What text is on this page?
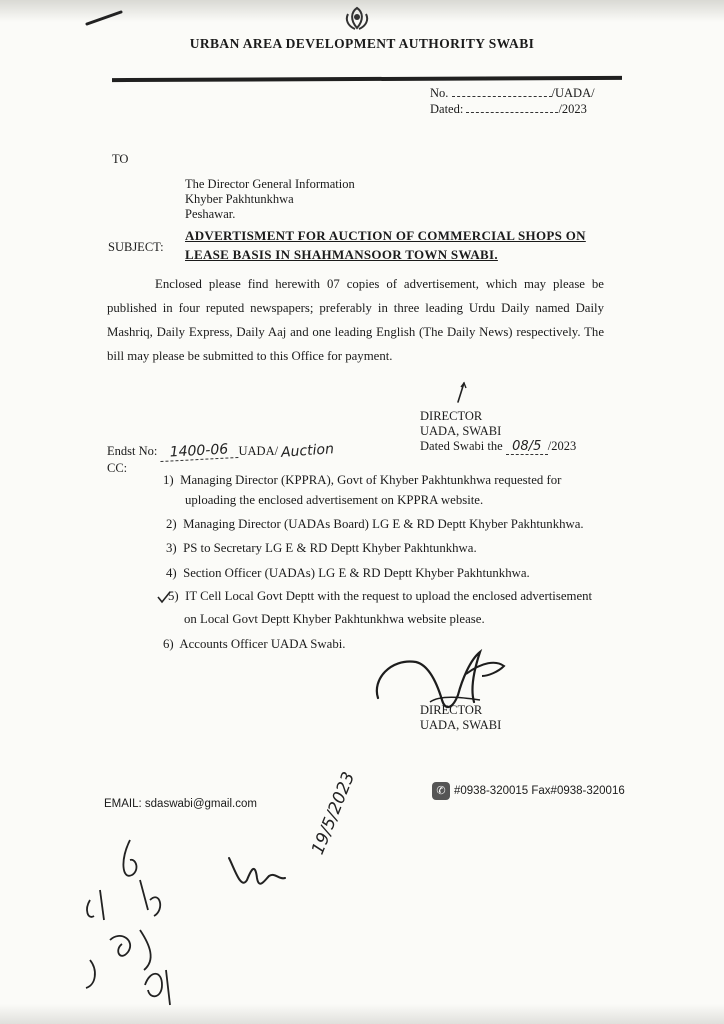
URBAN AREA DEVELOPMENT AUTHORITY SWABI
No.	/UADA/
Dated:	/2023
TO
The Director General Information
Khyber Pakhtunkhwa
Peshawar.
SUBJECT:
ADVERTISMENT FOR AUCTION OF COMMERCIAL SHOPS ON
LEASE BASIS IN SHAHMANSOOR TOWN SWABI.
Enclosed please find herewith 07 copies of advertisement, which may please be published in four reputed newspapers; preferably in three leading Urdu Daily named Daily Mashriq, Daily Express, Daily Aaj and one leading English (The Daily News) respectively. The bill may please be submitted to this Office for payment.
DIRECTOR
UADA, SWABI
Dated Swabi the 08/5 /2023
Endst No: 1400-06 UADA/ Auction
CC:
1) Managing Director (KPPRA), Govt of Khyber Pakhtunkhwa requested for
uploading the enclosed advertisement on KPPRA website.
2) Managing Director (UADAs Board) LG E & RD Deptt Khyber Pakhtunkhwa.
3) PS to Secretary LG E & RD Deptt Khyber Pakhtunkhwa.
4) Section Officer (UADAs) LG E & RD Deptt Khyber Pakhtunkhwa.
5) IT Cell Local Govt Deptt with the request to upload the enclosed advertisement
on Local Govt Deptt Khyber Pakhtunkhwa website please.
6) Accounts Officer UADA Swabi.
DIRECTOR
UADA, SWABI
EMAIL: sdaswabi@gmail.com
✆ #0938-320015 Fax#0938-320016
19/5/2023
